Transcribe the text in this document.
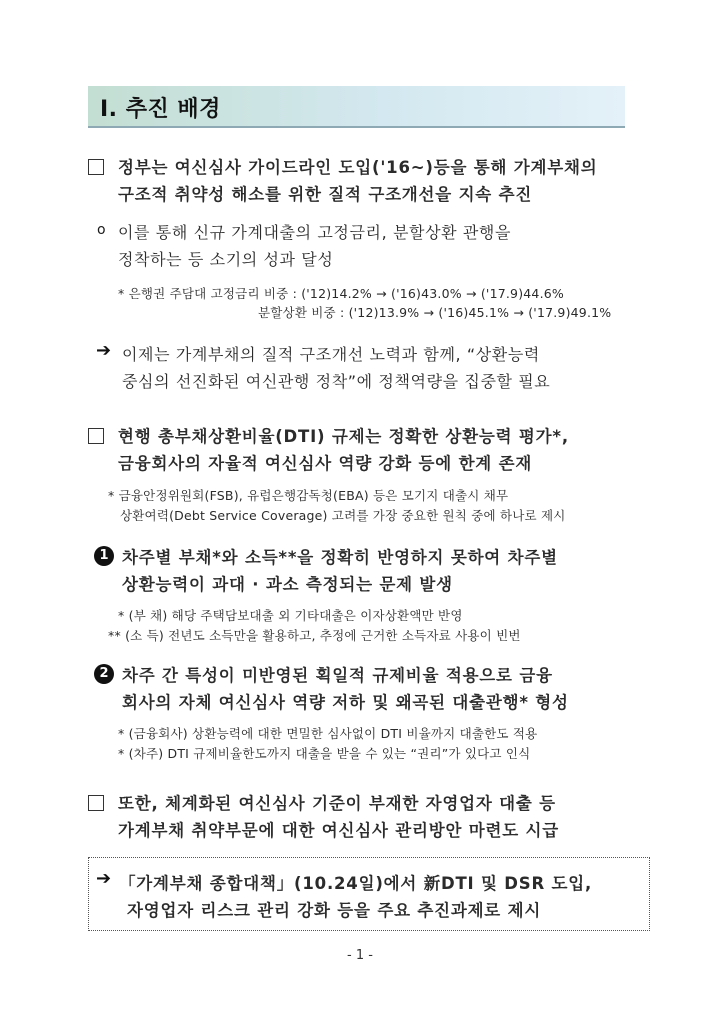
Ⅰ. 추진 배경
정부는 여신심사 가이드라인 도입('16~)등을 통해 가계부채의
구조적 취약성 해소를 위한 질적 구조개선을 지속 추진
o 이를 통해 신규 가계대출의 고정금리, 분할상환 관행을
정착하는 등 소기의 성과 달성
* 은행권 주담대 고정금리 비중 : ('12)14.2% → ('16)43.0% → ('17.9)44.6%
분할상환 비중 : ('12)13.9% → ('16)45.1% → ('17.9)49.1%
➔ 이제는 가계부채의 질적 구조개선 노력과 함께, “상환능력
중심의 선진화된 여신관행 정착”에 정책역량을 집중할 필요
현행 총부채상환비율(DTI) 규제는 정확한 상환능력 평가*,
금융회사의 자율적 여신심사 역량 강화 등에 한계 존재
* 금융안정위원회(FSB), 유럽은행감독청(EBA) 등은 모기지 대출시 채무
상환여력(Debt Service Coverage) 고려를 가장 중요한 원칙 중에 하나로 제시
1 차주별 부채*와 소득**을 정확히 반영하지 못하여 차주별
상환능력이 과대 · 과소 측정되는 문제 발생
* (부 채) 해당 주택담보대출 외 기타대출은 이자상환액만 반영
** (소 득) 전년도 소득만을 활용하고, 추정에 근거한 소득자료 사용이 빈번
2 차주 간 특성이 미반영된 획일적 규제비율 적용으로 금융
회사의 자체 여신심사 역량 저하 및 왜곡된 대출관행* 형성
* (금융회사) 상환능력에 대한 면밀한 심사없이 DTI 비율까지 대출한도 적용
* (차주) DTI 규제비율한도까지 대출을 받을 수 있는 “권리”가 있다고 인식
또한, 체계화된 여신심사 기준이 부재한 자영업자 대출 등
가계부채 취약부문에 대한 여신심사 관리방안 마련도 시급
➔ 「가계부채 종합대책」(10.24일)에서 新DTI 및 DSR 도입,
자영업자 리스크 관리 강화 등을 주요 추진과제로 제시
- 1 -
